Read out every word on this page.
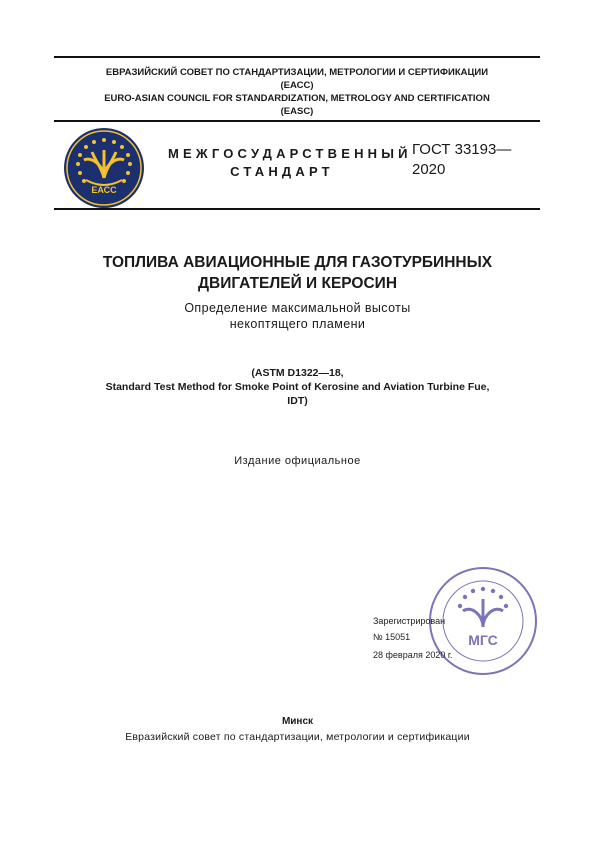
ЕВРАЗИЙСКИЙ СОВЕТ ПО СТАНДАРТИЗАЦИИ, МЕТРОЛОГИИ И СЕРТИФИКАЦИИ
(ЕАСС)
EURO-ASIAN COUNCIL FOR STANDARDIZATION, METROLOGY AND CERTIFICATION
(EASC)
ЕАСС
МЕЖГОСУДАРСТВЕННЫЙ
СТАНДАРТ
ГОСТ 33193—
2020
ТОПЛИВА АВИАЦИОННЫЕ ДЛЯ ГАЗОТУРБИННЫХ
ДВИГАТЕЛЕЙ И КЕРОСИН
Определение максимальной высоты
некоптящего пламени
(ASTM D1322—18,
Standard Test Method for Smoke Point of Kerosine and Aviation Turbine Fue,
IDT)
Издание официальное
МГС
Зарегистрирован
№ 15051
28 февраля 2020 г.
Минск
Евразийский совет по стандартизации, метрологии и сертификации
